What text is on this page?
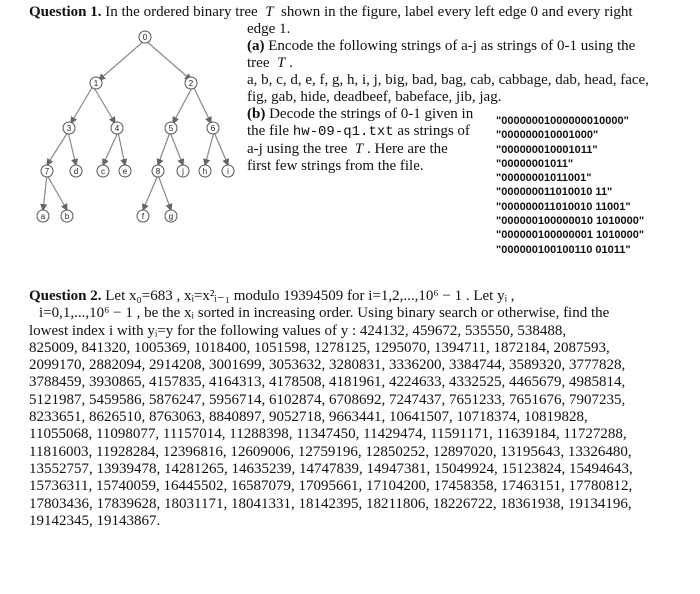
Question 1. In the ordered binary tree T shown in the figure, label every left edge 0 and every right

edge 1.

(a) Encode the following strings of a-j as strings of 0-1 using the

tree T .

a, b, c, d, e, f, g, h, i, j, big, bad, bag, cab, cabbage, dab, head, face,

fig, gab, hide, deadbeef, babeface, jib, jag.

(b) Decode the strings of 0-1 given in

the file hw-09-q1.txt as strings of

a-j using the tree T . Here are the

first few strings from the file.

"00000001000000010000"
"000000010001000"
"000000010001011"
"00000001011"
"00000001011001"
"000000011010010 11"
"000000011010010 11001"
"000000100000010 1010000"
"000000100000001 1010000"
"000000100100110 01011"
0
1	2
3	4	5	6
7	d	c e	8	j h i
a b	f	g

Question 2. Let x₀=683 , xᵢ=x²ᵢ₋₁ modulo 19394509 for i=1,2,...,10⁶ − 1 . Let yᵢ ,

i=0,1,...,10⁶ − 1 , be the xᵢ sorted in increasing order. Using binary search or otherwise, find the

lowest index i with yᵢ=y for the following values of y : 424132, 459672, 535550, 538488,

825009, 841320, 1005369, 1018400, 1051598, 1278125, 1295070, 1394711, 1872184, 2087593,

2099170, 2882094, 2914208, 3001699, 3053632, 3280831, 3336200, 3384744, 3589320, 3777828,

3788459, 3930865, 4157835, 4164313, 4178508, 4181961, 4224633, 4332525, 4465679, 4985814,

5121987, 5459586, 5876247, 5956714, 6102874, 6708692, 7247437, 7651233, 7651676, 7907235,

8233651, 8626510, 8763063, 8840897, 9052718, 9663441, 10641507, 10718374, 10819828,

11055068, 11098077, 11157014, 11288398, 11347450, 11429474, 11591171, 11639184, 11727288,

11816003, 11928284, 12396816, 12609006, 12759196, 12850252, 12897020, 13195643, 13326480,

13552757, 13939478, 14281265, 14635239, 14747839, 14947381, 15049924, 15123824, 15494643,

15736311, 15740059, 16445502, 16587079, 17095661, 17104200, 17458358, 17463151, 17780812,

17803436, 17839628, 18031171, 18041331, 18142395, 18211806, 18226722, 18361938, 19134196,

19142345, 19143867.
